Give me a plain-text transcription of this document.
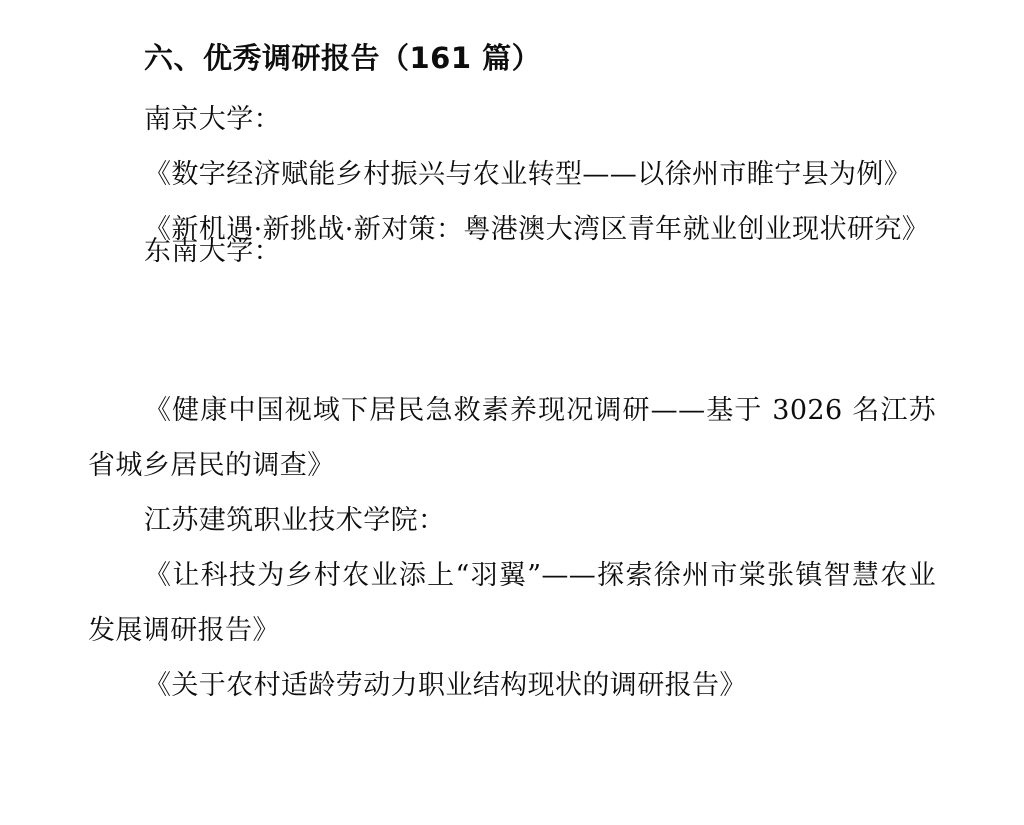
六、优秀调研报告（161 篇）

南京大学：

《数字经济赋能乡村振兴与农业转型——以徐州市睢宁县为例》

《新机遇·新挑战·新对策：粤港澳大湾区青年就业创业现状研究》

东南大学：

《健康中国视域下居民急救素养现况调研——基于 3026 名江苏省城乡居民的调查》

江苏建筑职业技术学院：

《让科技为乡村农业添上“羽翼”——探索徐州市棠张镇智慧农业发展调研报告》

《关于农村适龄劳动力职业结构现状的调研报告》
